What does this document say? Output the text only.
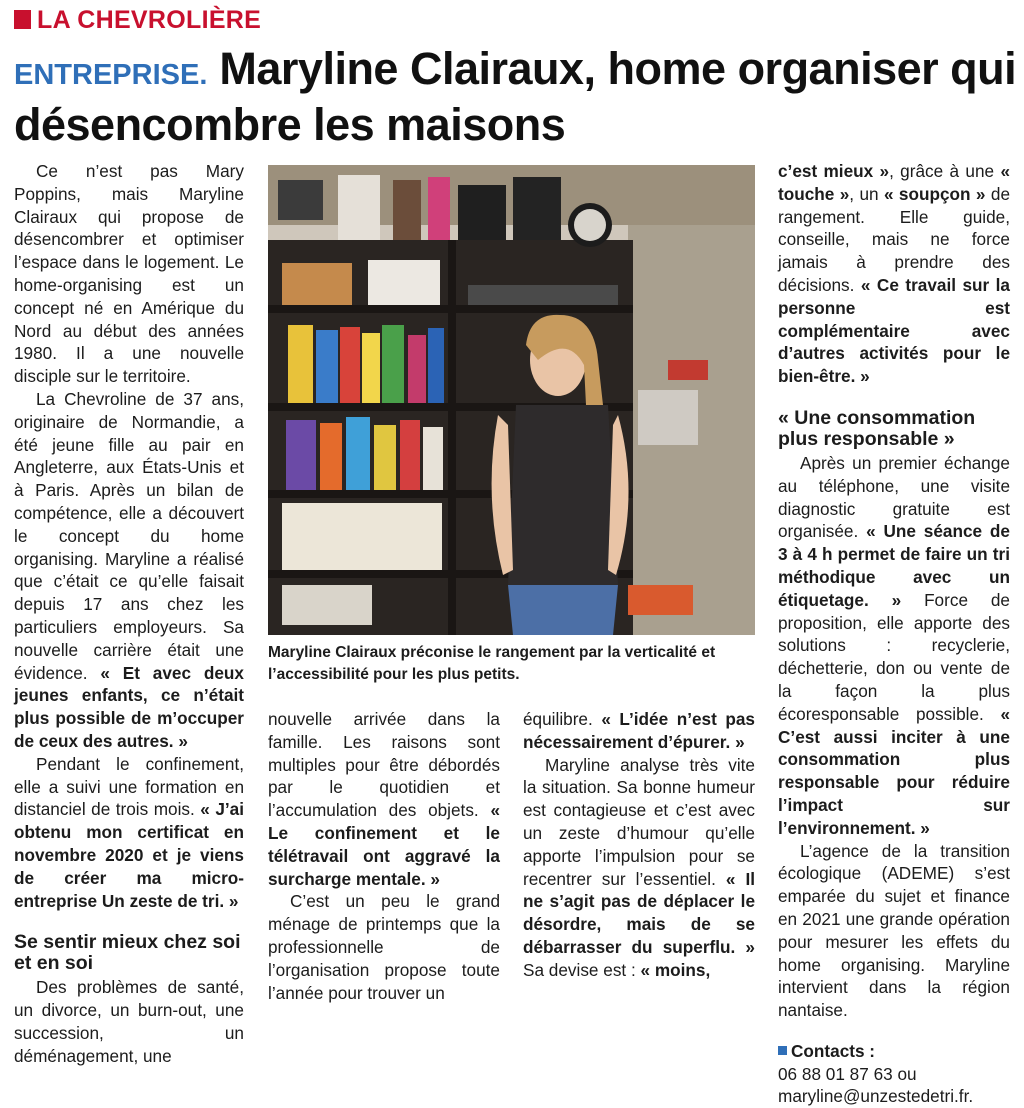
LA CHEVROLIÈRE
ENTREPRISE. Maryline Clairaux, home organiser qui désencombre les maisons

Ce n’est pas Mary Poppins, mais Maryline Clairaux qui propose de désencombrer et optimiser l’espace dans le logement. Le home-organising est un concept né en Amérique du Nord au début des années 1980. Il a une nouvelle disciple sur le territoire.

La Chevroline de 37 ans, originaire de Normandie, a été jeune fille au pair en Angleterre, aux États-Unis et à Paris. Après un bilan de compétence, elle a découvert le concept du home organising. Maryline a réalisé que c’était ce qu’elle faisait depuis 17 ans chez les particuliers employeurs. Sa nouvelle carrière était une évidence. « Et avec deux jeunes enfants, ce n’était plus possible de m’occuper de ceux des autres. »

Pendant le confinement, elle a suivi une formation en distanciel de trois mois. « J’ai obtenu mon certificat en novembre 2020 et je viens de créer ma micro-entreprise Un zeste de tri. »

Se sentir mieux chez soi et en soi

Des problèmes de santé, un divorce, un burn-out, une succession, un déménagement, une

Maryline Clairaux préconise le rangement par la verticalité et l’accessibilité pour les plus petits.

nouvelle arrivée dans la famille. Les raisons sont multiples pour être débordés par le quotidien et l’accumulation des objets. « Le confinement et le télétravail ont aggravé la surcharge mentale. »

C’est un peu le grand ménage de printemps que la professionnelle de l’organisation propose toute l’année pour trouver un

équilibre. « L’idée n’est pas nécessairement d’épurer. »

Maryline analyse très vite la situation. Sa bonne humeur est contagieuse et c’est avec un zeste d’humour qu’elle apporte l’impulsion pour se recentrer sur l’essentiel. « Il ne s’agit pas de déplacer le désordre, mais de se débarrasser du superflu. » Sa devise est : « moins,

c’est mieux », grâce à une « touche », un « soupçon » de rangement. Elle guide, conseille, mais ne force jamais à prendre des décisions. « Ce travail sur la personne est complémentaire avec d’autres activités pour le bien-être. »

« Une consommation plus responsable »

Après un premier échange au téléphone, une visite diagnostic gratuite est organisée. « Une séance de 3 à 4 h permet de faire un tri méthodique avec un étiquetage. » Force de proposition, elle apporte des solutions : recyclerie, déchetterie, don ou vente de la façon la plus écoresponsable possible. « C’est aussi inciter à une consommation plus responsable pour réduire l’impact sur l’environnement. »

L’agence de la transition écologique (ADEME) s’est emparée du sujet et finance en 2021 une grande opération pour mesurer les effets du home organising. Maryline intervient dans la région nantaise.

Contacts :

06 88 01 87 63 ou

maryline@unzestedetri.fr.
